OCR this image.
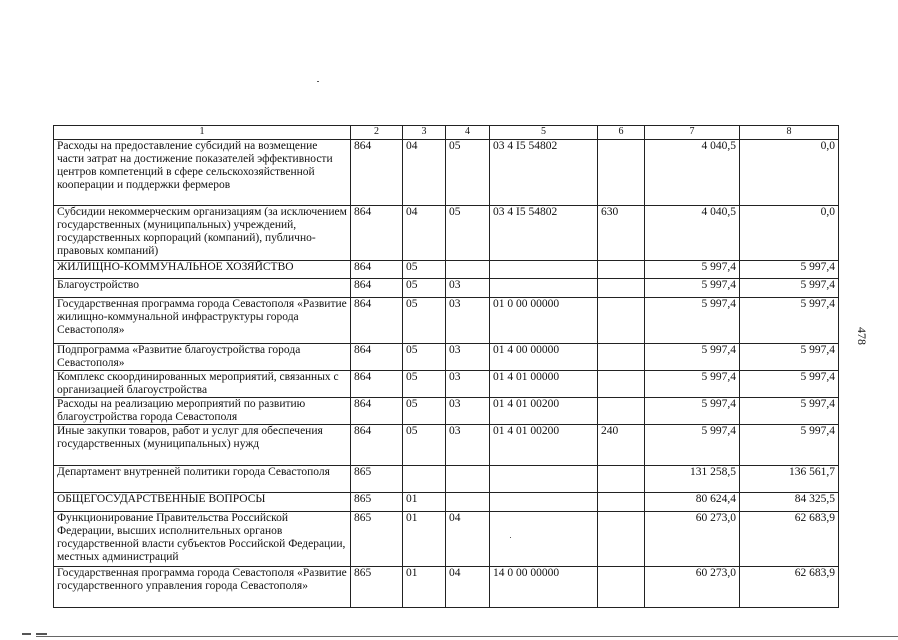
478
1	2	3	4	5	6	7	8
Расходы на предоставление субсидий на возмещение части затрат на достижение показателей эффективности центров компетенций в сфере сельскохозяйственной кооперации и поддержки фермеров	864	04	05	03 4 I5 54802		4 040,5	0,0
Субсидии некоммерческим организациям (за исключением государственных (муниципальных) учреждений, государственных корпораций (компаний), публично-правовых компаний)	864	04	05	03 4 I5 54802	630	4 040,5	0,0
ЖИЛИЩНО-КОММУНАЛЬНОЕ ХОЗЯЙСТВО	864	05				5 997,4	5 997,4
Благоустройство	864	05	03			5 997,4	5 997,4
Государственная программа города Севастополя «Развитие жилищно-коммунальной инфраструктуры города Севастополя»	864	05	03	01 0 00 00000		5 997,4	5 997,4
Подпрограмма «Развитие благоустройства города Севастополя»	864	05	03	01 4 00 00000		5 997,4	5 997,4
Комплекс скоординированных мероприятий, связанных с организацией благоустройства	864	05	03	01 4 01 00000		5 997,4	5 997,4
Расходы на реализацию мероприятий по развитию благоустройства города Севастополя	864	05	03	01 4 01 00200		5 997,4	5 997,4
Иные закупки товаров, работ и услуг для обеспечения государственных (муниципальных) нужд	864	05	03	01 4 01 00200	240	5 997,4	5 997,4
Департамент внутренней политики города Севастополя	865					131 258,5	136 561,7
ОБЩЕГОСУДАРСТВЕННЫЕ ВОПРОСЫ	865	01				80 624,4	84 325,5
Функционирование Правительства Российской Федерации, высших исполнительных органов государственной власти субъектов Российской Федерации, местных администраций	865	01	04			60 273,0	62 683,9
Государственная программа города Севастополя «Развитие государственного управления города Севастополя»	865	01	04	14 0 00 00000		60 273,0	62 683,9
